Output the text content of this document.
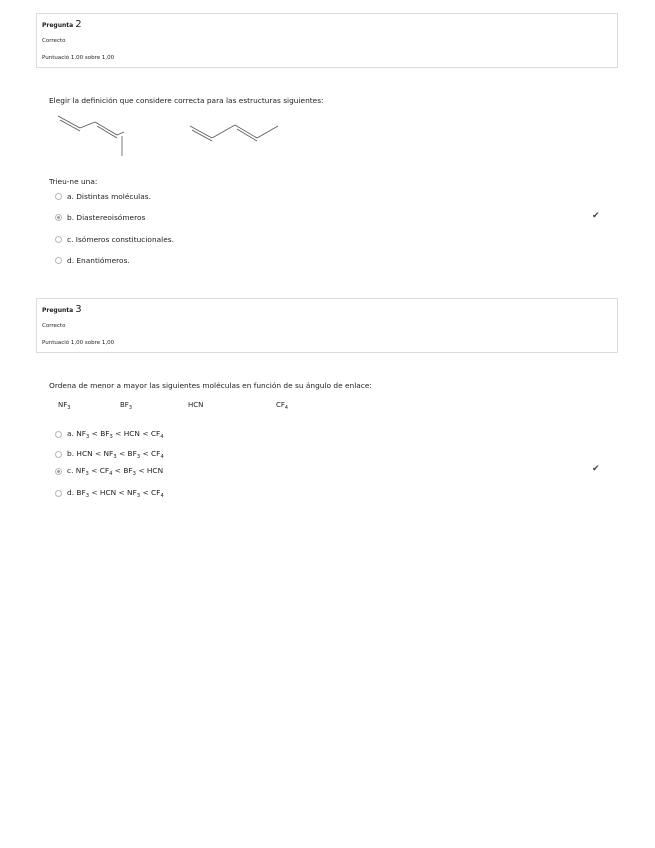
Pregunta 2
Correcto
Puntuació 1,00 sobre 1,00
Elegir la definición que considere correcta para las estructuras siguientes:
Trieu-ne una:
a. Distintas moléculas.
b. Diastereoisómeros	✔
c. Isómeros constitucionales.
d. Enantiómeros.
Pregunta 3
Correcto
Puntuació 1,00 sobre 1,00
Ordena de menor a mayor las siguientes moléculas en función de su ángulo de enlace:
$NF_3$	$BF_3$	HCN	$CF_4$
a. $NF_3 < BF_3$ < HCN < $CF_4$
b. HCN < $NF_3 < BF_3 < CF_4$
c. $NF_3 < CF_4 < BF_3$ < HCN	✔
d. $BF_3$ < HCN < $NF_3 < CF_4$
